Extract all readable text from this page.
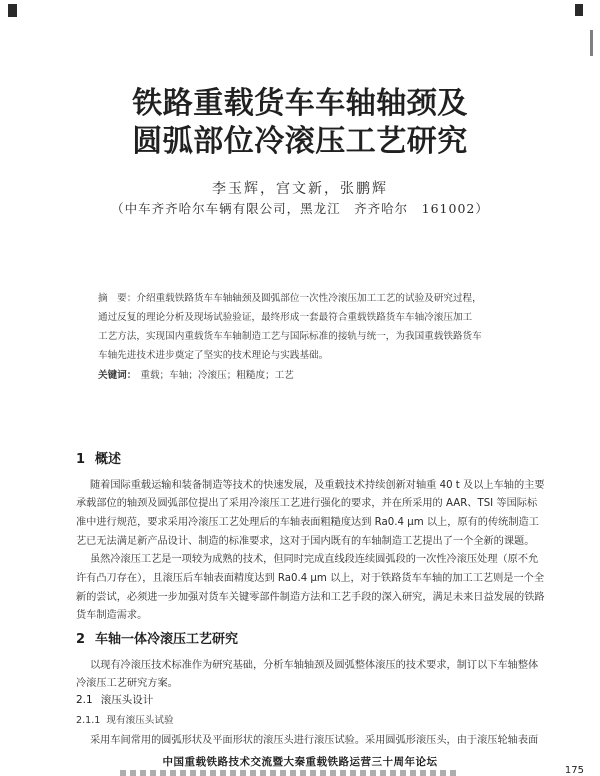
铁路重载货车车轴轴颈及
圆弧部位冷滚压工艺研究
李玉辉，宫文新，张鹏辉
（中车齐齐哈尔车辆有限公司，黑龙江　齐齐哈尔　161002）
摘　要：介绍重载铁路货车车轴轴颈及圆弧部位一次性冷滚压加工工艺的试验及研究过程，
通过反复的理论分析及现场试验验证，最终形成一套最符合重载铁路货车车轴冷滚压加工
工艺方法，实现国内重载货车车轴制造工艺与国际标准的接轨与统一，为我国重载铁路货车
车轴先进技术进步奠定了坚实的技术理论与实践基础。
关键词： 重载；车轴；冷滚压；粗糙度；工艺
1 概述
随着国际重载运输和装备制造等技术的快速发展，及重载技术持续创新对轴重 40 t 及以上车轴的主要
承载部位的轴颈及圆弧部位提出了采用冷滚压工艺进行强化的要求，并在所采用的 AAR、TSI 等国际标
准中进行规范，要求采用冷滚压工艺处理后的车轴表面粗糙度达到 Ra0.4 μm 以上，原有的传统制造工
艺已无法满足新产品设计、制造的标准要求，这对于国内既有的车轴制造工艺提出了一个全新的课题。
虽然冷滚压工艺是一项较为成熟的技术，但同时完成直线段连续圆弧段的一次性冷滚压处理（原不允
许有凸刀存在），且滚压后车轴表面精度达到 Ra0.4 μm 以上，对于铁路货车车轴的加工工艺则是一个全
新的尝试，必须进一步加强对货车关键零部件制造方法和工艺手段的深入研究，满足未来日益发展的铁路
货车制造需求。
2 车轴一体冷滚压工艺研究
以现有冷滚压技术标准作为研究基础，分析车轴轴颈及圆弧整体滚压的技术要求，制订以下车轴整体
冷滚压工艺研究方案。
2.1 滚压头设计
2.1.1 现有滚压头试验
采用车间常用的圆弧形状及平面形状的滚压头进行滚压试验。采用圆弧形滚压头，由于滚压轮轴表面
中国重载铁路技术交流暨大秦重载铁路运营三十周年论坛
175
